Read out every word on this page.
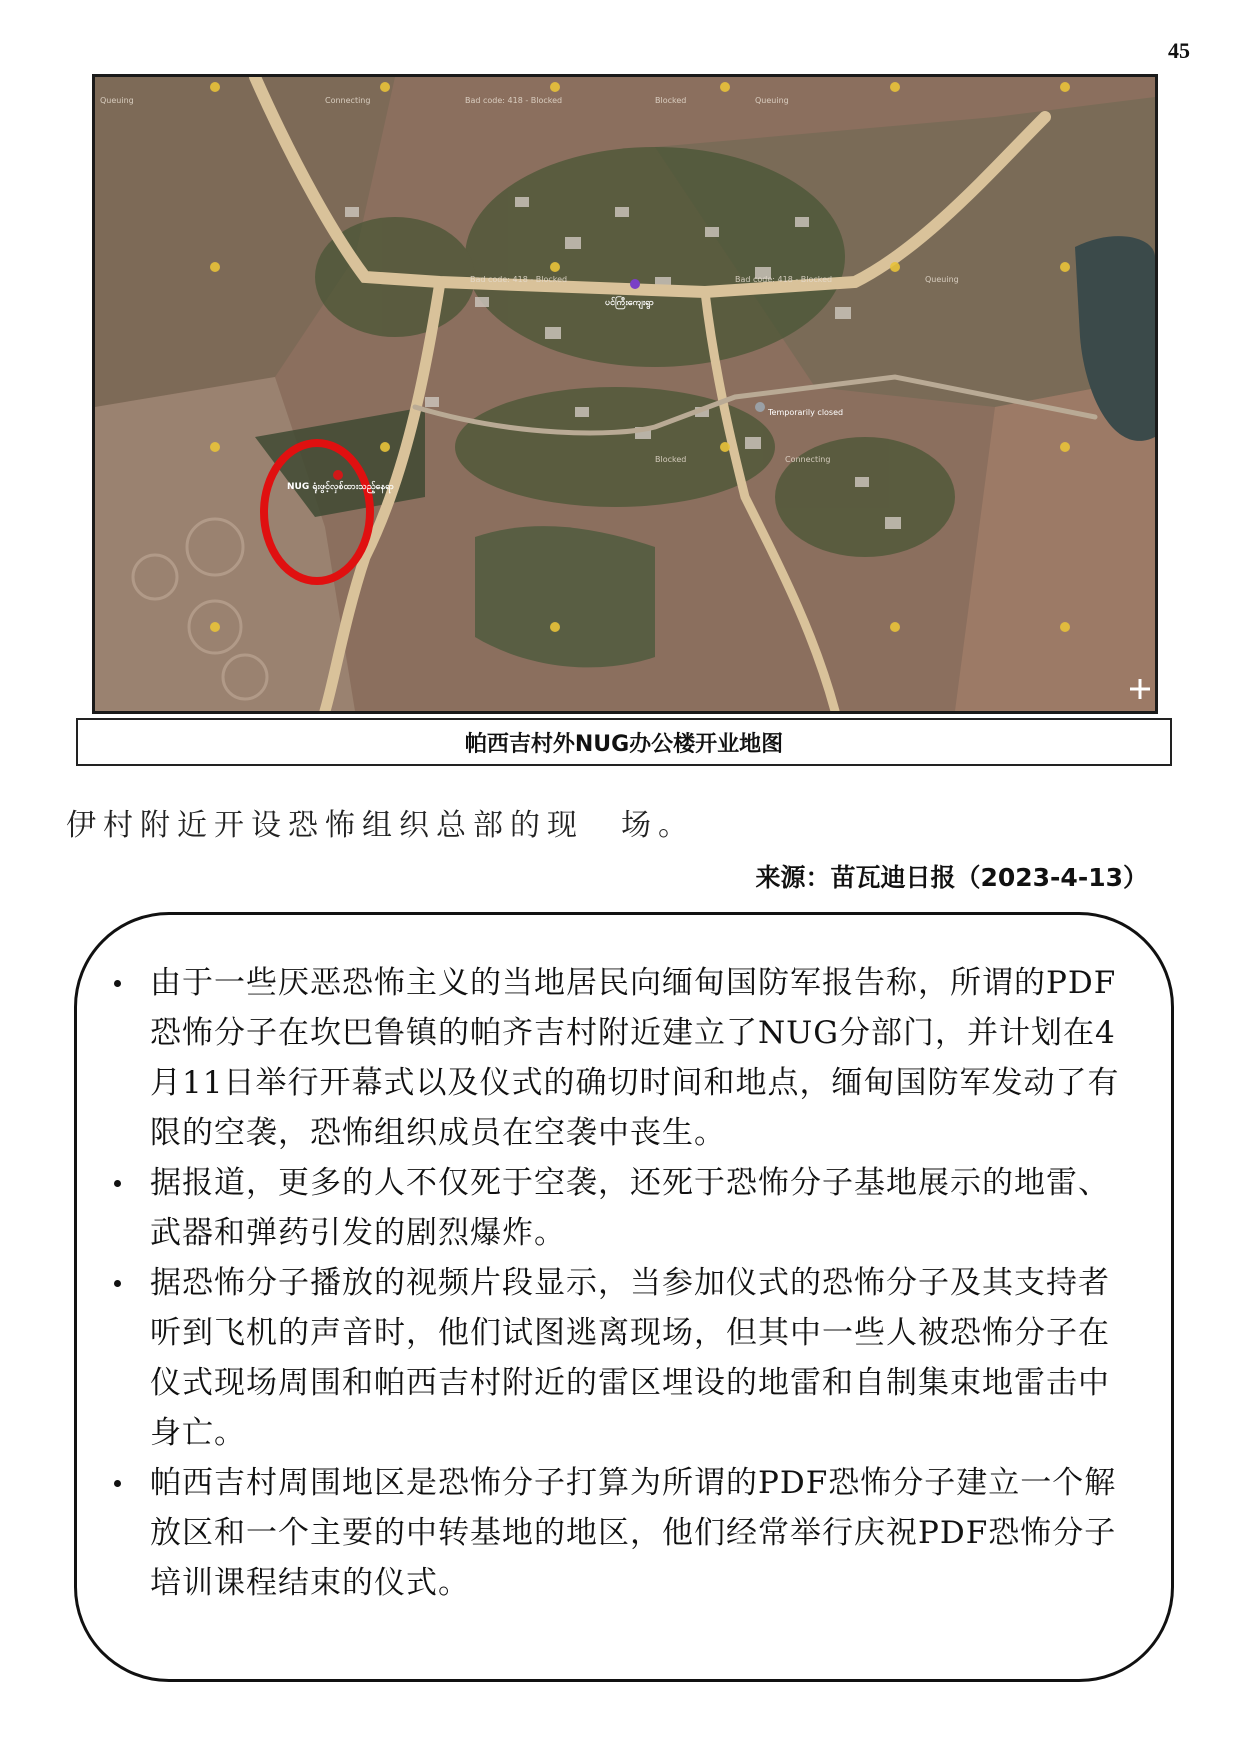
45
NUG ရုံးဖွင့်လှစ်ထားသည့်နေရာ
ပင်ကြီးကျေးရွာ
Temporarily closed
Bad code: 418 - Blocked
Bad code: 418 - Blocked	Bad code: 418 - Blocked
Blocked
Blocked
Queuing	Queuing
Queuing
Connecting
Connecting
帕西吉村外NUG办公楼开业地图
伊村附近开设恐怖组织总部的现　场。
来源：苗瓦迪日报（2023-4-13）
由于一些厌恶恐怖主义的当地居民向缅甸国防军报告称，所谓的PDF恐怖分子在坎巴鲁镇的帕齐吉村附近建立了NUG分部门，并计划在4月11日举行开幕式以及仪式的确切时间和地点，缅甸国防军发动了有限的空袭，恐怖组织成员在空袭中丧生。
据报道，更多的人不仅死于空袭，还死于恐怖分子基地展示的地雷、武器和弹药引发的剧烈爆炸。
据恐怖分子播放的视频片段显示，当参加仪式的恐怖分子及其支持者听到飞机的声音时，他们试图逃离现场，但其中一些人被恐怖分子在仪式现场周围和帕西吉村附近的雷区埋设的地雷和自制集束地雷击中身亡。
帕西吉村周围地区是恐怖分子打算为所谓的PDF恐怖分子建立一个解放区和一个主要的中转基地的地区，他们经常举行庆祝PDF恐怖分子培训课程结束的仪式。
